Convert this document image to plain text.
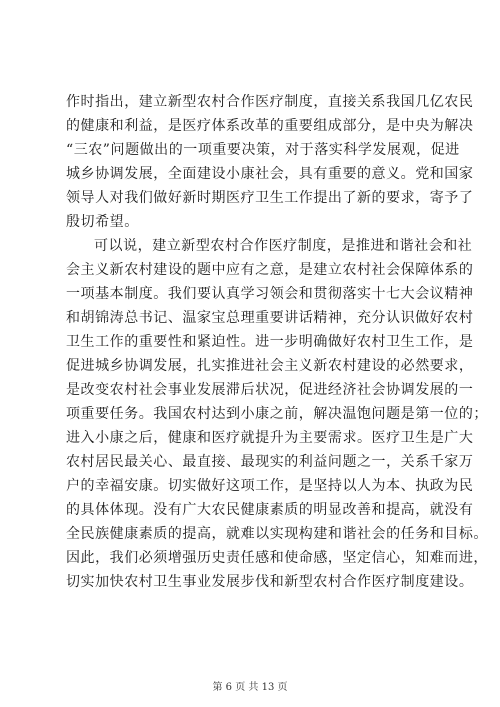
作时指出，建立新型农村合作医疗制度，直接关系我国几亿农民
的健康和利益，是医疗体系改革的重要组成部分，是中央为解决
“三农”问题做出的一项重要决策，对于落实科学发展观，促进
城乡协调发展，全面建设小康社会，具有重要的意义。党和国家
领导人对我们做好新时期医疗卫生工作提出了新的要求，寄予了
殷切希望。
可以说，建立新型农村合作医疗制度，是推进和谐社会和社
会主义新农村建设的题中应有之意，是建立农村社会保障体系的
一项基本制度。我们要认真学习领会和贯彻落实十七大会议精神
和胡锦涛总书记、温家宝总理重要讲话精神，充分认识做好农村
卫生工作的重要性和紧迫性。进一步明确做好农村卫生工作，是
促进城乡协调发展，扎实推进社会主义新农村建设的必然要求，
是改变农村社会事业发展滞后状况，促进经济社会协调发展的一
项重要任务。我国农村达到小康之前，解决温饱问题是第一位的；
进入小康之后，健康和医疗就提升为主要需求。医疗卫生是广大
农村居民最关心、最直接、最现实的利益问题之一，关系千家万
户的幸福安康。切实做好这项工作，是坚持以人为本、执政为民
的具体体现。没有广大农民健康素质的明显改善和提高，就没有
全民族健康素质的提高，就难以实现构建和谐社会的任务和目标。
因此，我们必须增强历史责任感和使命感，坚定信心，知难而进，
切实加快农村卫生事业发展步伐和新型农村合作医疗制度建设。
第 6 页 共 13 页
